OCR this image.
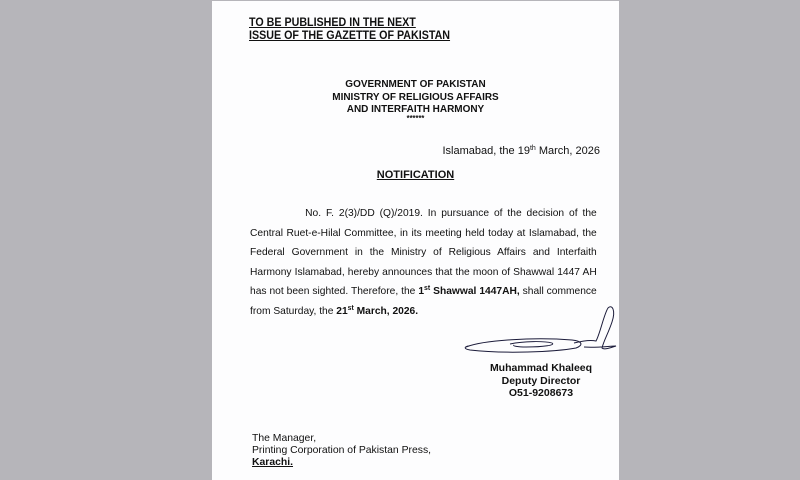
TO BE PUBLISHED IN THE NEXT
ISSUE OF THE GAZETTE OF PAKISTAN
GOVERNMENT OF PAKISTAN
MINISTRY OF RELIGIOUS AFFAIRS
AND INTERFAITH HARMONY
******
Islamabad, the 19th March, 2026
NOTIFICATION
No. F. 2(3)/DD (Q)/2019. In pursuance of the decision of the Central Ruet-e-Hilal Committee, in its meeting held today at Islamabad, the Federal Government in the Ministry of Religious Affairs and Interfaith Harmony Islamabad, hereby announces that the moon of Shawwal 1447 AH has not been sighted. Therefore, the 1st Shawwal 1447AH, shall commence from Saturday, the 21st March, 2026.
Muhammad Khaleeq
Deputy Director
O51-9208673
The Manager,
Printing Corporation of Pakistan Press,
Karachi.
